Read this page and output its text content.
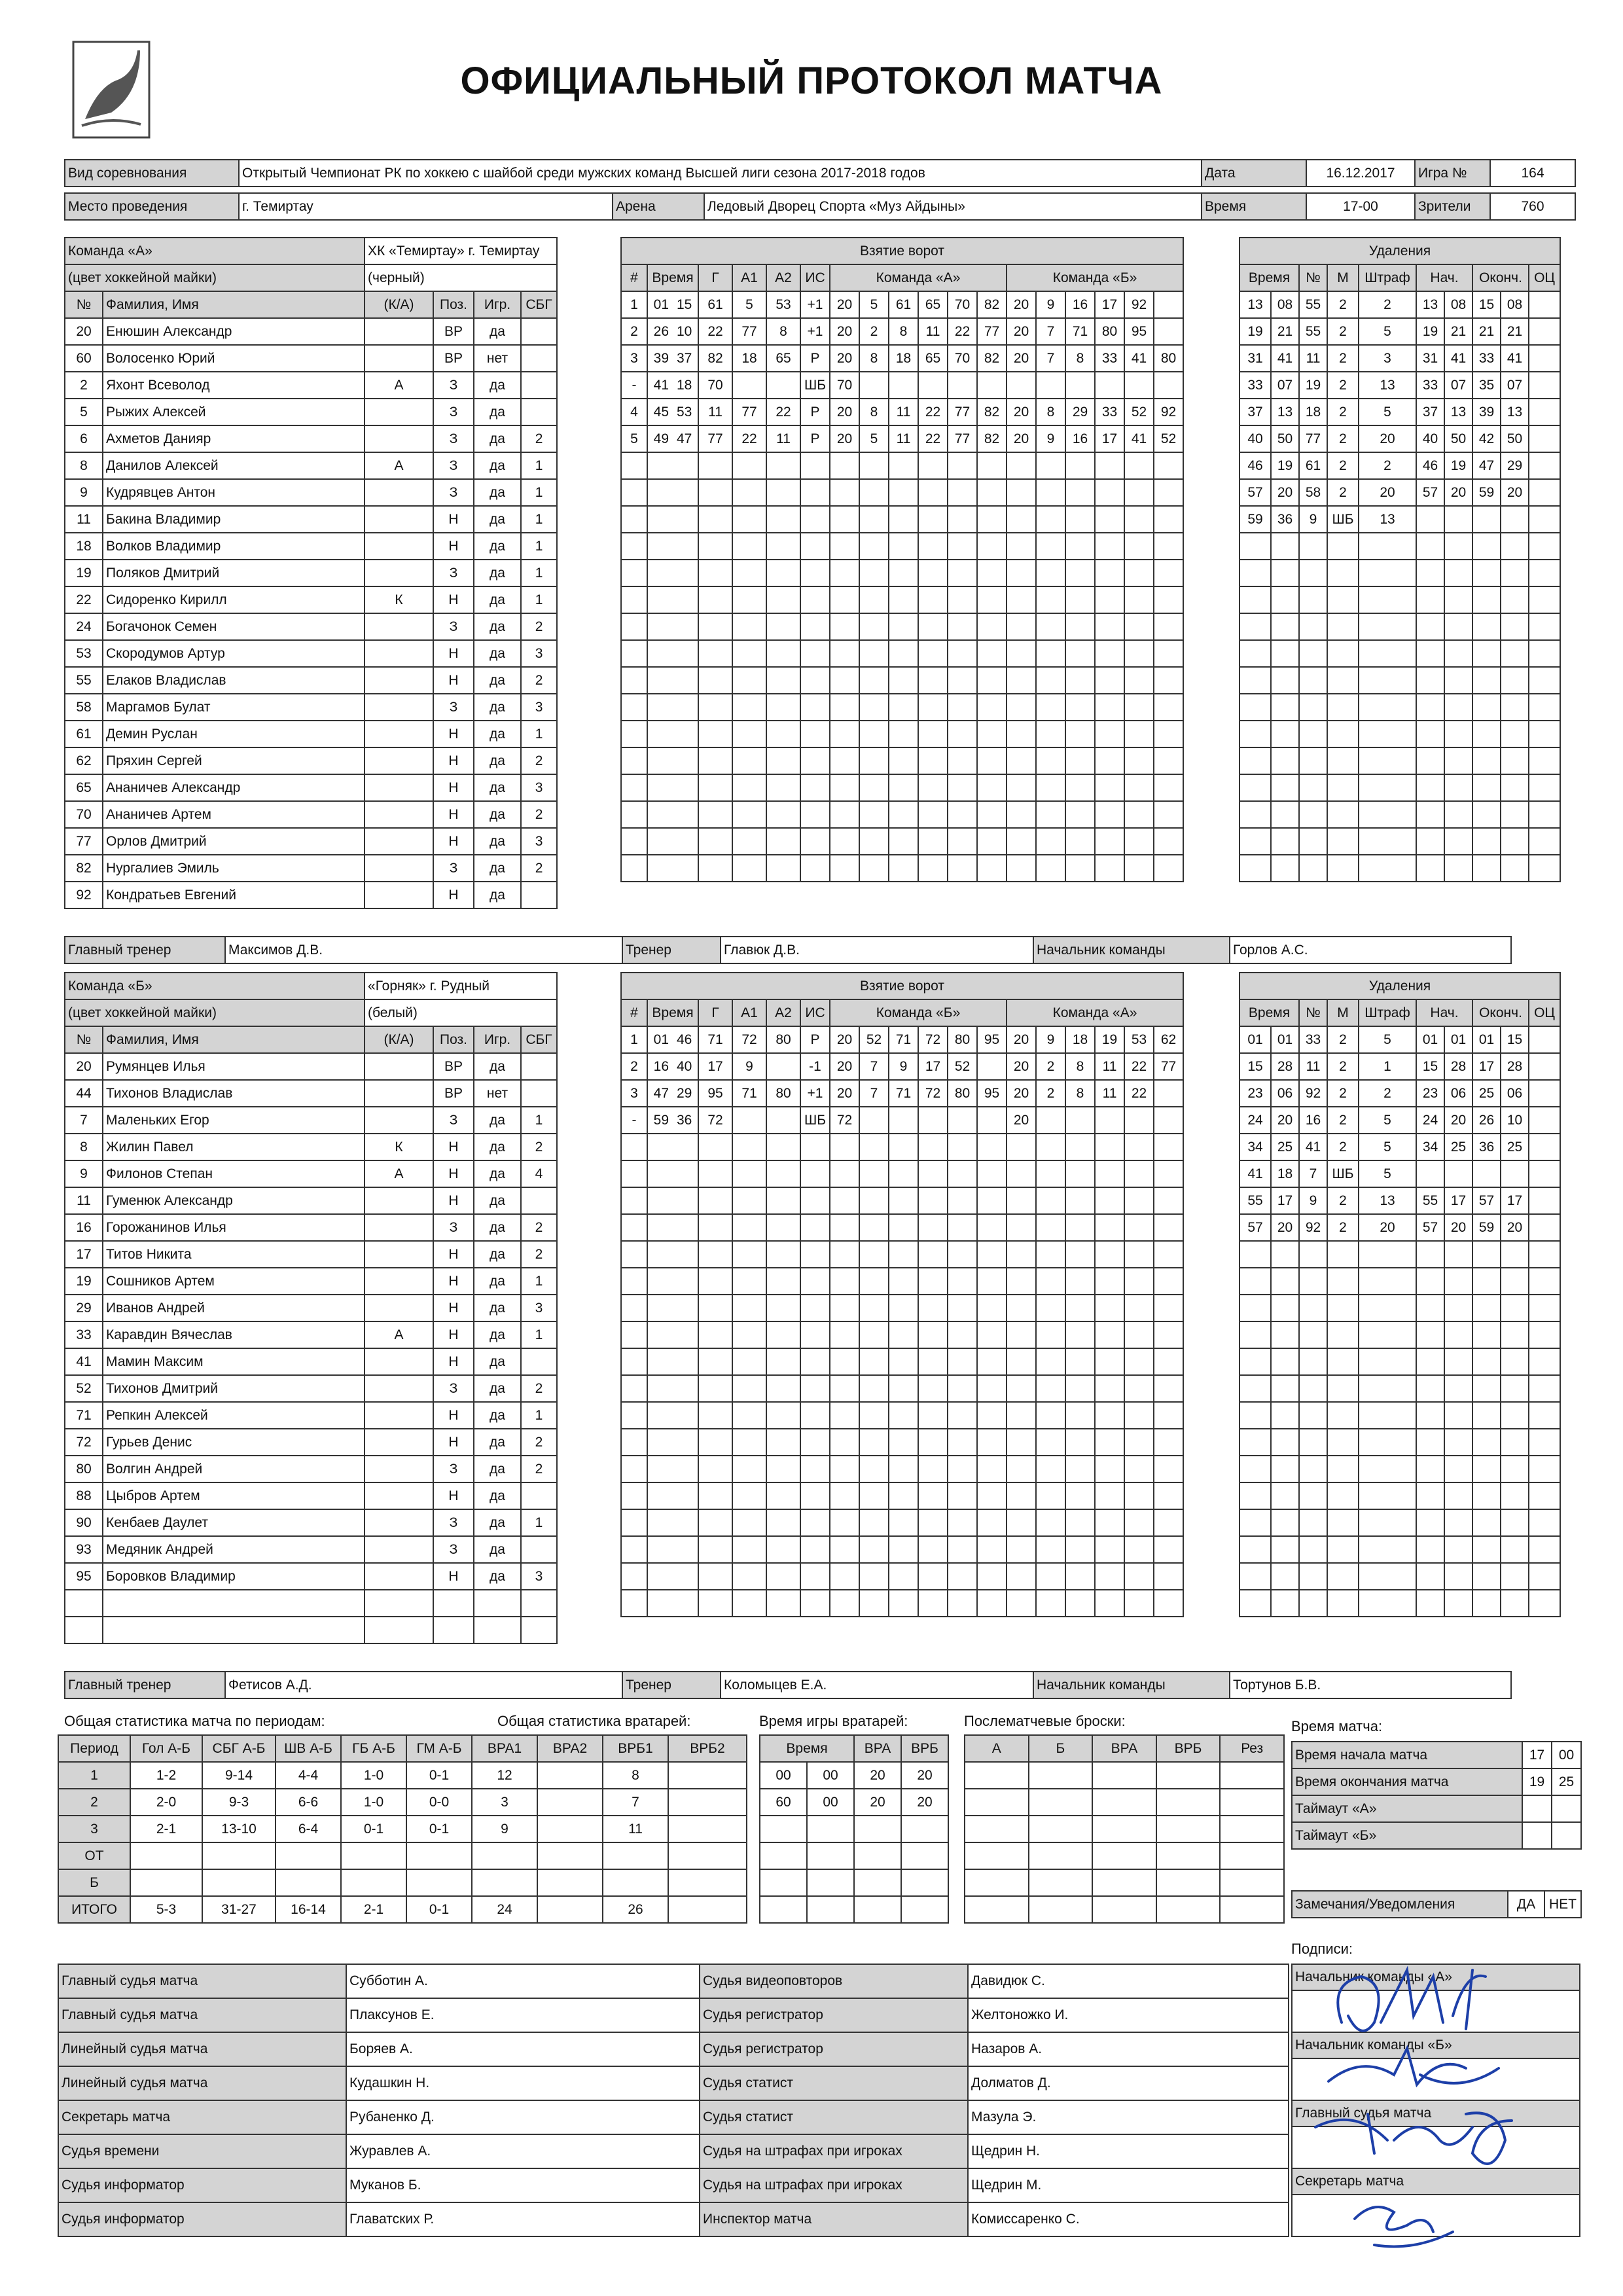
ОФИЦИАЛЬНЫЙ ПРОТОКОЛ МАТЧА
Вид соревнования	Открытый Чемпионат РК по хоккею с шайбой среди мужских команд Высшей лиги сезона 2017-2018 годов	Дата	16.12.2017	Игра №	164
Место проведения	г. Темиртау	Арена	Ледовый Дворец Спорта «Муз Айдыны»	Время	17-00	Зрители	760
Команда «А»		ХК «Темиртау» г. Темиртау			
(цвет хоккейной майки)		(черный)			
№	Фамилия, Имя	(К/А)	Поз.	Игр.	СБГ
20	Енюшин Александр		ВР	да	
60	Волосенко Юрий		ВР	нет	
2	Яхонт Всеволод	А	З	да	
5	Рыжих Алексей		З	да	
6	Ахметов Данияр		З	да	2
8	Данилов Алексей	А	З	да	1
9	Кудрявцев Антон		З	да	1
11	Бакина Владимир		Н	да	1
18	Волков Владимир		Н	да	1
19	Поляков Дмитрий		З	да	1
22	Сидоренко Кирилл	К	Н	да	1
24	Богачонок Семен		З	да	2
53	Скородумов Артур		Н	да	3
55	Елаков Владислав		Н	да	2
58	Маргамов Булат		З	да	3
61	Демин Руслан		Н	да	1
62	Пряхин Сергей		Н	да	2
65	Ананичев Александр		Н	да	3
70	Ананичев Артем		Н	да	2
77	Орлов Дмитрий		Н	да	3
82	Нургалиев Эмиль		З	да	2
92	Кондратьев Евгений		Н	да	
Взятие ворот																		

#	Время	Г	А1	А2	ИС	Команда «А»						Команда «Б»						
1	01 15	61	5	53	+1	20	5	61	65	70	82	20	9	16	17	92		
2	26 10	22	77	8	+1	20	2	8	11	22	77	20	7	71	80	95		
3	39 37	82	18	65	Р	20	8	18	65	70	82	20	7	8	33	41	80	
-	41 18	70			ШБ	70												
4	45 53	11	77	22	Р	20	8	11	22	77	82	20	8	29	33	52	92	
5	49 47	77	22	11	Р	20	5	11	22	77	82	20	9	16	17	41	52	

Удаления									

Время		№	М	Штраф	Нач.		Оконч.		ОЦ
13	08	55	2	2	13	08	15	08	
19	21	55	2	5	19	21	21	21	
31	41	11	2	3	31	41	33	41	
33	07	19	2	13	33	07	35	07	
37	13	18	2	5	37	13	39	13	
40	50	77	2	20	40	50	42	50	
46	19	61	2	2	46	19	47	29	
57	20	58	2	20	57	20	59	20	
59	36	9	ШБ	13					

Главный тренер	Максимов Д.В.	Тренер	Главюк Д.В.	Начальник команды	Горлов А.С.
Команда «Б»		«Горняк» г. Рудный			
(цвет хоккейной майки)		(белый)			
№	Фамилия, Имя	(К/А)	Поз.	Игр.	СБГ
20	Румянцев Илья		ВР	да	
44	Тихонов Владислав		ВР	нет	
7	Маленьких Егор		З	да	1
8	Жилин Павел	К	Н	да	2
9	Филонов Степан	А	Н	да	4
11	Гуменюк Александр		Н	да	
16	Горожанинов Илья		З	да	2
17	Титов Никита		Н	да	2
19	Сошников Артем		Н	да	1
29	Иванов Андрей		Н	да	3
33	Каравдин Вячеслав	А	Н	да	1
41	Мамин Максим		Н	да	
52	Тихонов Дмитрий		З	да	2
71	Репкин Алексей		Н	да	1
72	Гурьев Денис		Н	да	2
80	Волгин Андрей		З	да	2
88	Цыбров Артем		Н	да	
90	Кенбаев Даулет		З	да	1
93	Медяник Андрей		З	да	
95	Боровков Владимир		Н	да	3

Взятие ворот																		

#	Время	Г	А1	А2	ИС	Команда «Б»						Команда «А»						
1	01 46	71	72	80	Р	20	52	71	72	80	95	20	9	18	19	53	62	
2	16 40	17	9		-1	20	7	9	17	52		20	2	8	11	22	77	
3	47 29	95	71	80	+1	20	7	71	72	80	95	20	2	8	11	22		
-	59 36	72			ШБ	72						20						

Удаления									

Время		№	М	Штраф	Нач.		Оконч.		ОЦ
01	01	33	2	5	01	01	01	15	
15	28	11	2	1	15	28	17	28	
23	06	92	2	2	23	06	25	06	
24	20	16	2	5	24	20	26	10	
34	25	41	2	5	34	25	36	25	
41	18	7	ШБ	5					
55	17	9	2	13	55	17	57	17	
57	20	92	2	20	57	20	59	20	

Главный тренер	Фетисов А.Д.	Тренер	Коломыцев Е.А.	Начальник команды	Тортунов Б.В.
Общая статистика матча по периодам:	Общая статистика вратарей:	Время игры вратарей:	Послематчевые броски:	Время матча:
Период	Гол А-Б	СБГ А-Б	ШВ А-Б	ГБ А-Б	ГМ А-Б	ВРА1	ВРА2	ВРБ1	ВРБ2
1	1-2	9-14	4-4	1-0	0-1	12		8	
2	2-0	9-3	6-6	1-0	0-0	3		7	
3	2-1	13-10	6-4	0-1	0-1	9		11	
ОТ									
Б									
ИТОГО	5-3	31-27	16-14	2-1	0-1	24		26	
Время		ВРА	ВРБ
00	00	20	20
60	00	20	20

А	Б	ВРА	ВРБ	Рез

				Время начала матча	17	00
Время окончания матча	19	25
Таймаут «А»		
Таймаут «Б»		
Замечания/Уведомления	ДА	НЕТ
Главный судья матча	Субботин А.	Судья видеоповторов	Давидюк С.
Главный судья матча	Плаксунов Е.	Судья регистратор	Желтоножко И.
Линейный судья матча	Боряев А.	Судья регистратор	Назаров А.
Линейный судья матча	Кудашкин Н.	Судья статист	Долматов Д.
Секретарь матча	Рубаненко Д.	Судья статист	Мазула Э.
Судья времени	Журавлев А.	Судья на штрафах при игроках	Щедрин Н.
Судья информатор	Муканов Б.	Судья на штрафах при игроках	Щедрин М.
Судья информатор	Главатских Р.	Инспектор матча	Комиссаренко С.
Подписи:
Начальник команды «А»

Начальник команды «Б»

Главный судья матча

Секретарь матча
